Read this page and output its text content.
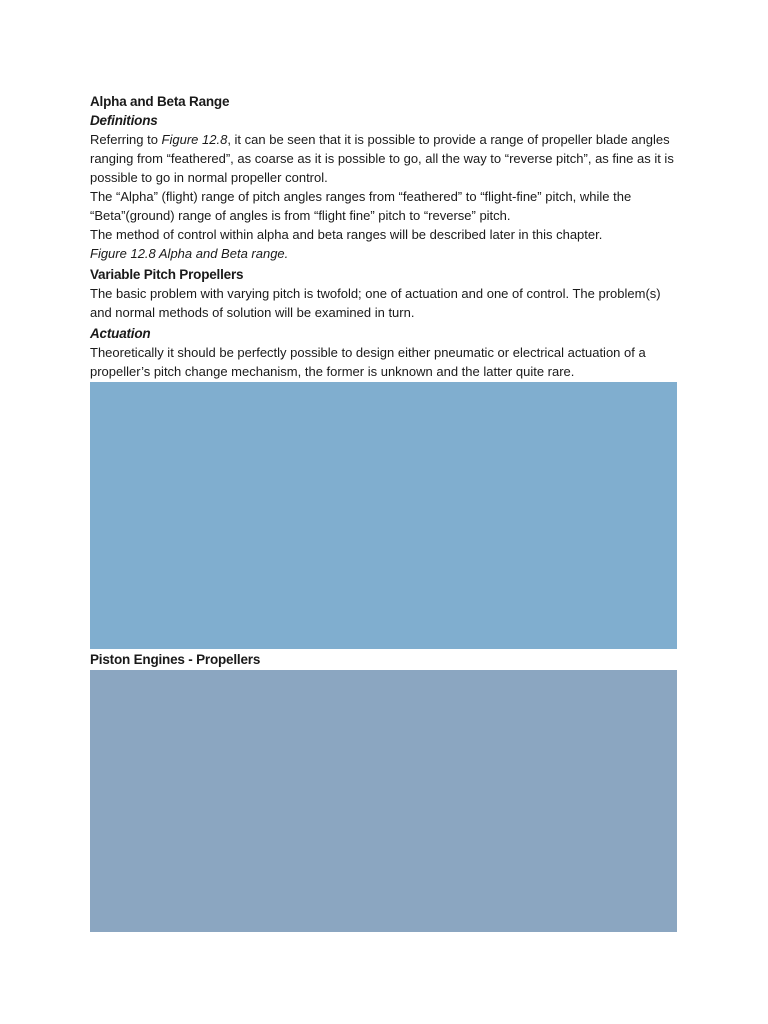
Alpha and Beta Range
Definitions

Referring to Figure 12.8, it can be seen that it is possible to provide a range of propeller blade angles ranging from “feathered”, as coarse as it is possible to go, all the way to “reverse pitch”, as fine as it is possible to go in normal propeller control.

The “Alpha” (flight) range of pitch angles ranges from “feathered” to “flight-fine” pitch, while the “Beta”(ground) range of angles is from “flight fine” pitch to “reverse” pitch.

The method of control within alpha and beta ranges will be described later in this chapter.

Figure 12.8 Alpha and Beta range.

Variable Pitch Propellers

The basic problem with varying pitch is twofold; one of actuation and one of control. The problem(s) and normal methods of solution will be examined in turn.

Actuation

Theoretically it should be perfectly possible to design either pneumatic or electrical actuation of a propeller’s pitch change mechanism, the former is unknown and the latter quite rare.

Piston Engines - Propellers
